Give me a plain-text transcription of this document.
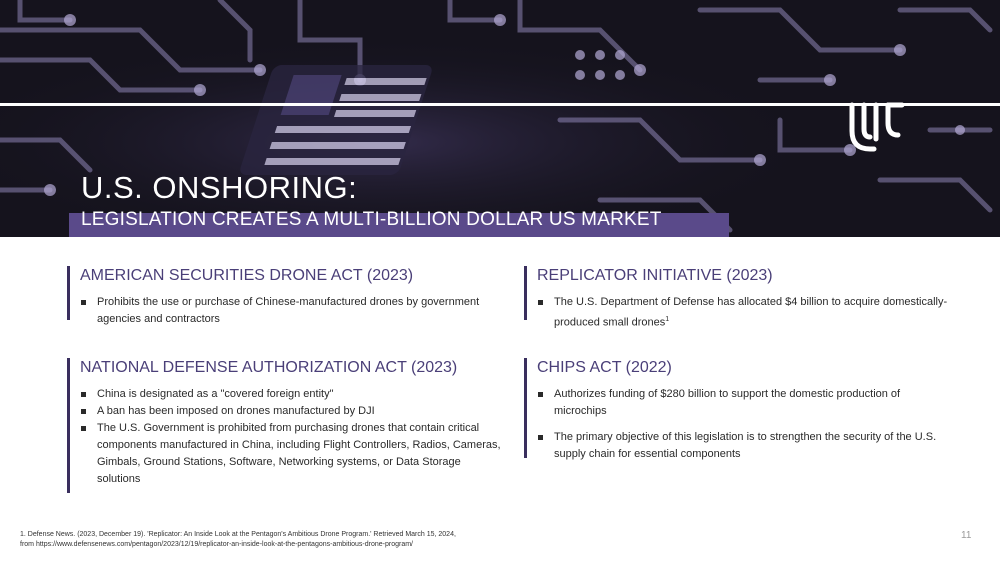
U.S. ONSHORING:
LEGISLATION CREATES A MULTI-BILLION DOLLAR US MARKET
AMERICAN SECURITIES DRONE ACT (2023)
Prohibits the use or purchase of Chinese-manufactured drones by government agencies and contractors
NATIONAL DEFENSE AUTHORIZATION ACT (2023)
China is designated as a "covered foreign entity"
A ban has been imposed on drones manufactured by DJI
The U.S. Government is prohibited from purchasing drones that contain critical components manufactured in China, including Flight Controllers, Radios, Cameras, Gimbals, Ground Stations, Software, Networking systems, or Data Storage solutions
REPLICATOR INITIATIVE (2023)
The U.S. Department of Defense has allocated $4 billion to acquire domestically-produced small drones$^1$
CHIPS ACT (2022)
Authorizes funding of $280 billion to support the domestic production of microchips
The primary objective of this legislation is to strengthen the security of the U.S. supply chain for essential components
1. Defense News. (2023, December 19). 'Replicator: An Inside Look at the Pentagon's Ambitious Drone Program.' Retrieved March 15, 2024,
from https://www.defensenews.com/pentagon/2023/12/19/replicator-an-inside-look-at-the-pentagons-ambitious-drone-program/
11
